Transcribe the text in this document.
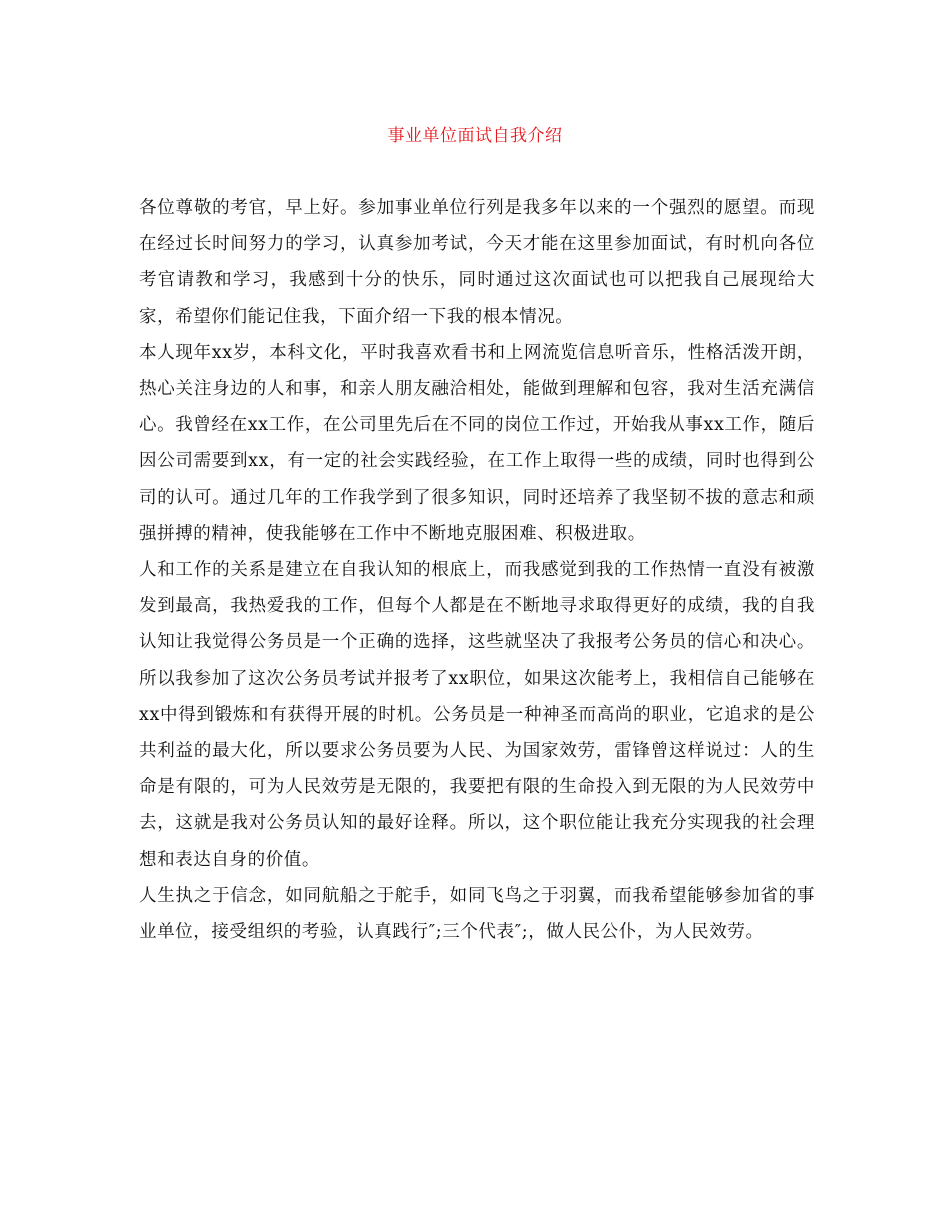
事业单位面试自我介绍

各位尊敬的考官，早上好。参加事业单位行列是我多年以来的一个强烈的愿望。而现在经过长时间努力的学习，认真参加考试，今天才能在这里参加面试，有时机向各位考官请教和学习，我感到十分的快乐，同时通过这次面试也可以把我自己展现给大家，希望你们能记住我，下面介绍一下我的根本情况。

本人现年xx岁，本科文化，平时我喜欢看书和上网流览信息听音乐，性格活泼开朗，热心关注身边的人和事，和亲人朋友融洽相处，能做到理解和包容，我对生活充满信心。我曾经在xx工作，在公司里先后在不同的岗位工作过，开始我从事xx工作，随后因公司需要到xx，有一定的社会实践经验，在工作上取得一些的成绩，同时也得到公司的认可。通过几年的工作我学到了很多知识，同时还培养了我坚韧不拔的意志和顽强拼搏的精神，使我能够在工作中不断地克服困难、积极进取。

人和工作的关系是建立在自我认知的根底上，而我感觉到我的工作热情一直没有被激发到最高，我热爱我的工作，但每个人都是在不断地寻求取得更好的成绩，我的自我认知让我觉得公务员是一个正确的选择，这些就坚决了我报考公务员的信心和决心。所以我参加了这次公务员考试并报考了xx职位，如果这次能考上，我相信自己能够在xx中得到锻炼和有获得开展的时机。公务员是一种神圣而高尚的职业，它追求的是公共利益的最大化，所以要求公务员要为人民、为国家效劳，雷锋曾这样说过：人的生命是有限的，可为人民效劳是无限的，我要把有限的生命投入到无限的为人民效劳中去，这就是我对公务员认知的最好诠释。所以，这个职位能让我充分实现我的社会理想和表达自身的价值。

人生执之于信念，如同航船之于舵手，如同飞鸟之于羽翼，而我希望能够参加省的事业单位，接受组织的考验，认真践行″;三个代表″;，做人民公仆，为人民效劳。
